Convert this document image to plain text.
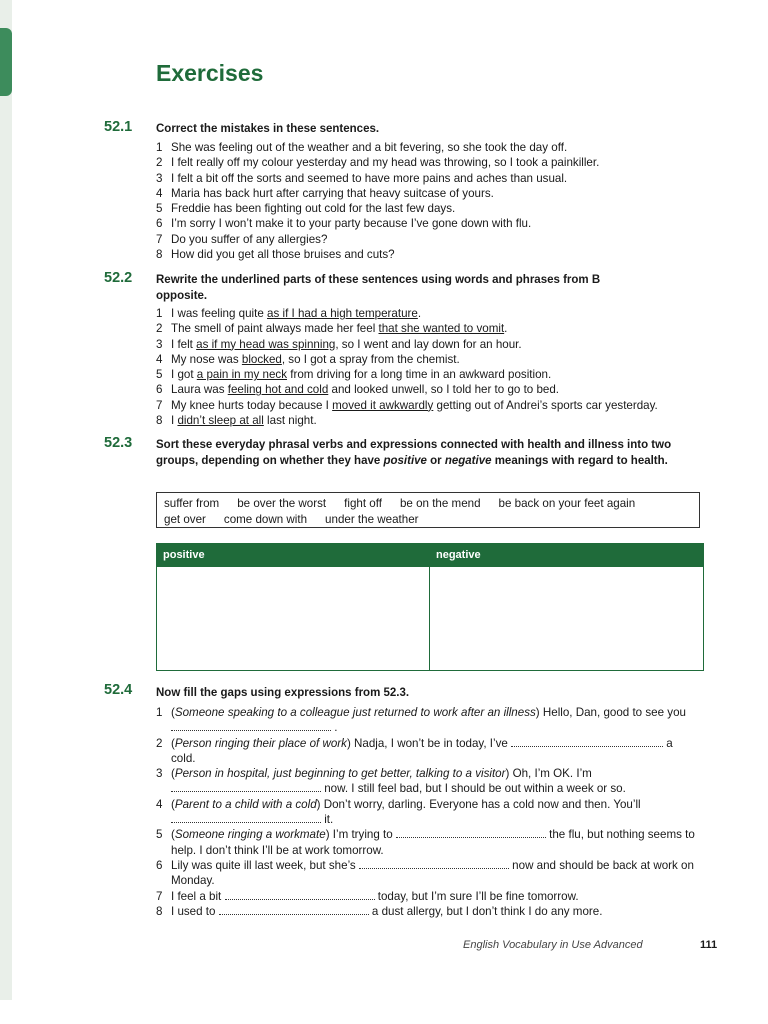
Exercises
52.1 Correct the mistakes in these sentences.
1 She was feeling out of the weather and a bit fevering, so she took the day off.
2 I felt really off my colour yesterday and my head was throwing, so I took a painkiller.
3 I felt a bit off the sorts and seemed to have more pains and aches than usual.
4 Maria has back hurt after carrying that heavy suitcase of yours.
5 Freddie has been fighting out cold for the last few days.
6 I’m sorry I won’t make it to your party because I’ve gone down with flu.
7 Do you suffer of any allergies?
8 How did you get all those bruises and cuts?
52.2 Rewrite the underlined parts of these sentences using words and phrases from B opposite.
1 I was feeling quite as if I had a high temperature.
2 The smell of paint always made her feel that she wanted to vomit.
3 I felt as if my head was spinning, so I went and lay down for an hour.
4 My nose was blocked, so I got a spray from the chemist.
5 I got a pain in my neck from driving for a long time in an awkward position.
6 Laura was feeling hot and cold and looked unwell, so I told her to go to bed.
7 My knee hurts today because I moved it awkwardly getting out of Andrei’s sports car yesterday.
8 I didn’t sleep at all last night.
52.3 Sort these everyday phrasal verbs and expressions connected with health and illness into two groups, depending on whether they have positive or negative meanings with regard to health.
suffer from be over the worst fight off be on the mend be back on your feet again
get over come down with under the weather
positive	negative
52.4 Now fill the gaps using expressions from 52.3.
1 (Someone speaking to a colleague just returned to work after an illness) Hello, Dan, good to see you  .
2 (Person ringing their place of work) Nadja, I won’t be in today, I’ve	a cold.
3 (Person in hospital, just beginning to get better, talking to a visitor) Oh, I’m OK. I’m  now. I still feel bad, but I should be out within a week or so.
4 (Parent to a child with a cold) Don’t worry, darling. Everyone has a cold now and then. You’ll  it.
5 (Someone ringing a workmate) I’m trying to	the flu, but nothing seems to help. I don’t think I’ll be at work tomorrow.
6 Lily was quite ill last week, but she’s	now and should be back at work on Monday.
7 I feel a bit	today, but I’m sure I’ll be fine tomorrow.
8 I used to	a dust allergy, but I don’t think I do any more.
English Vocabulary in Use Advanced	111
